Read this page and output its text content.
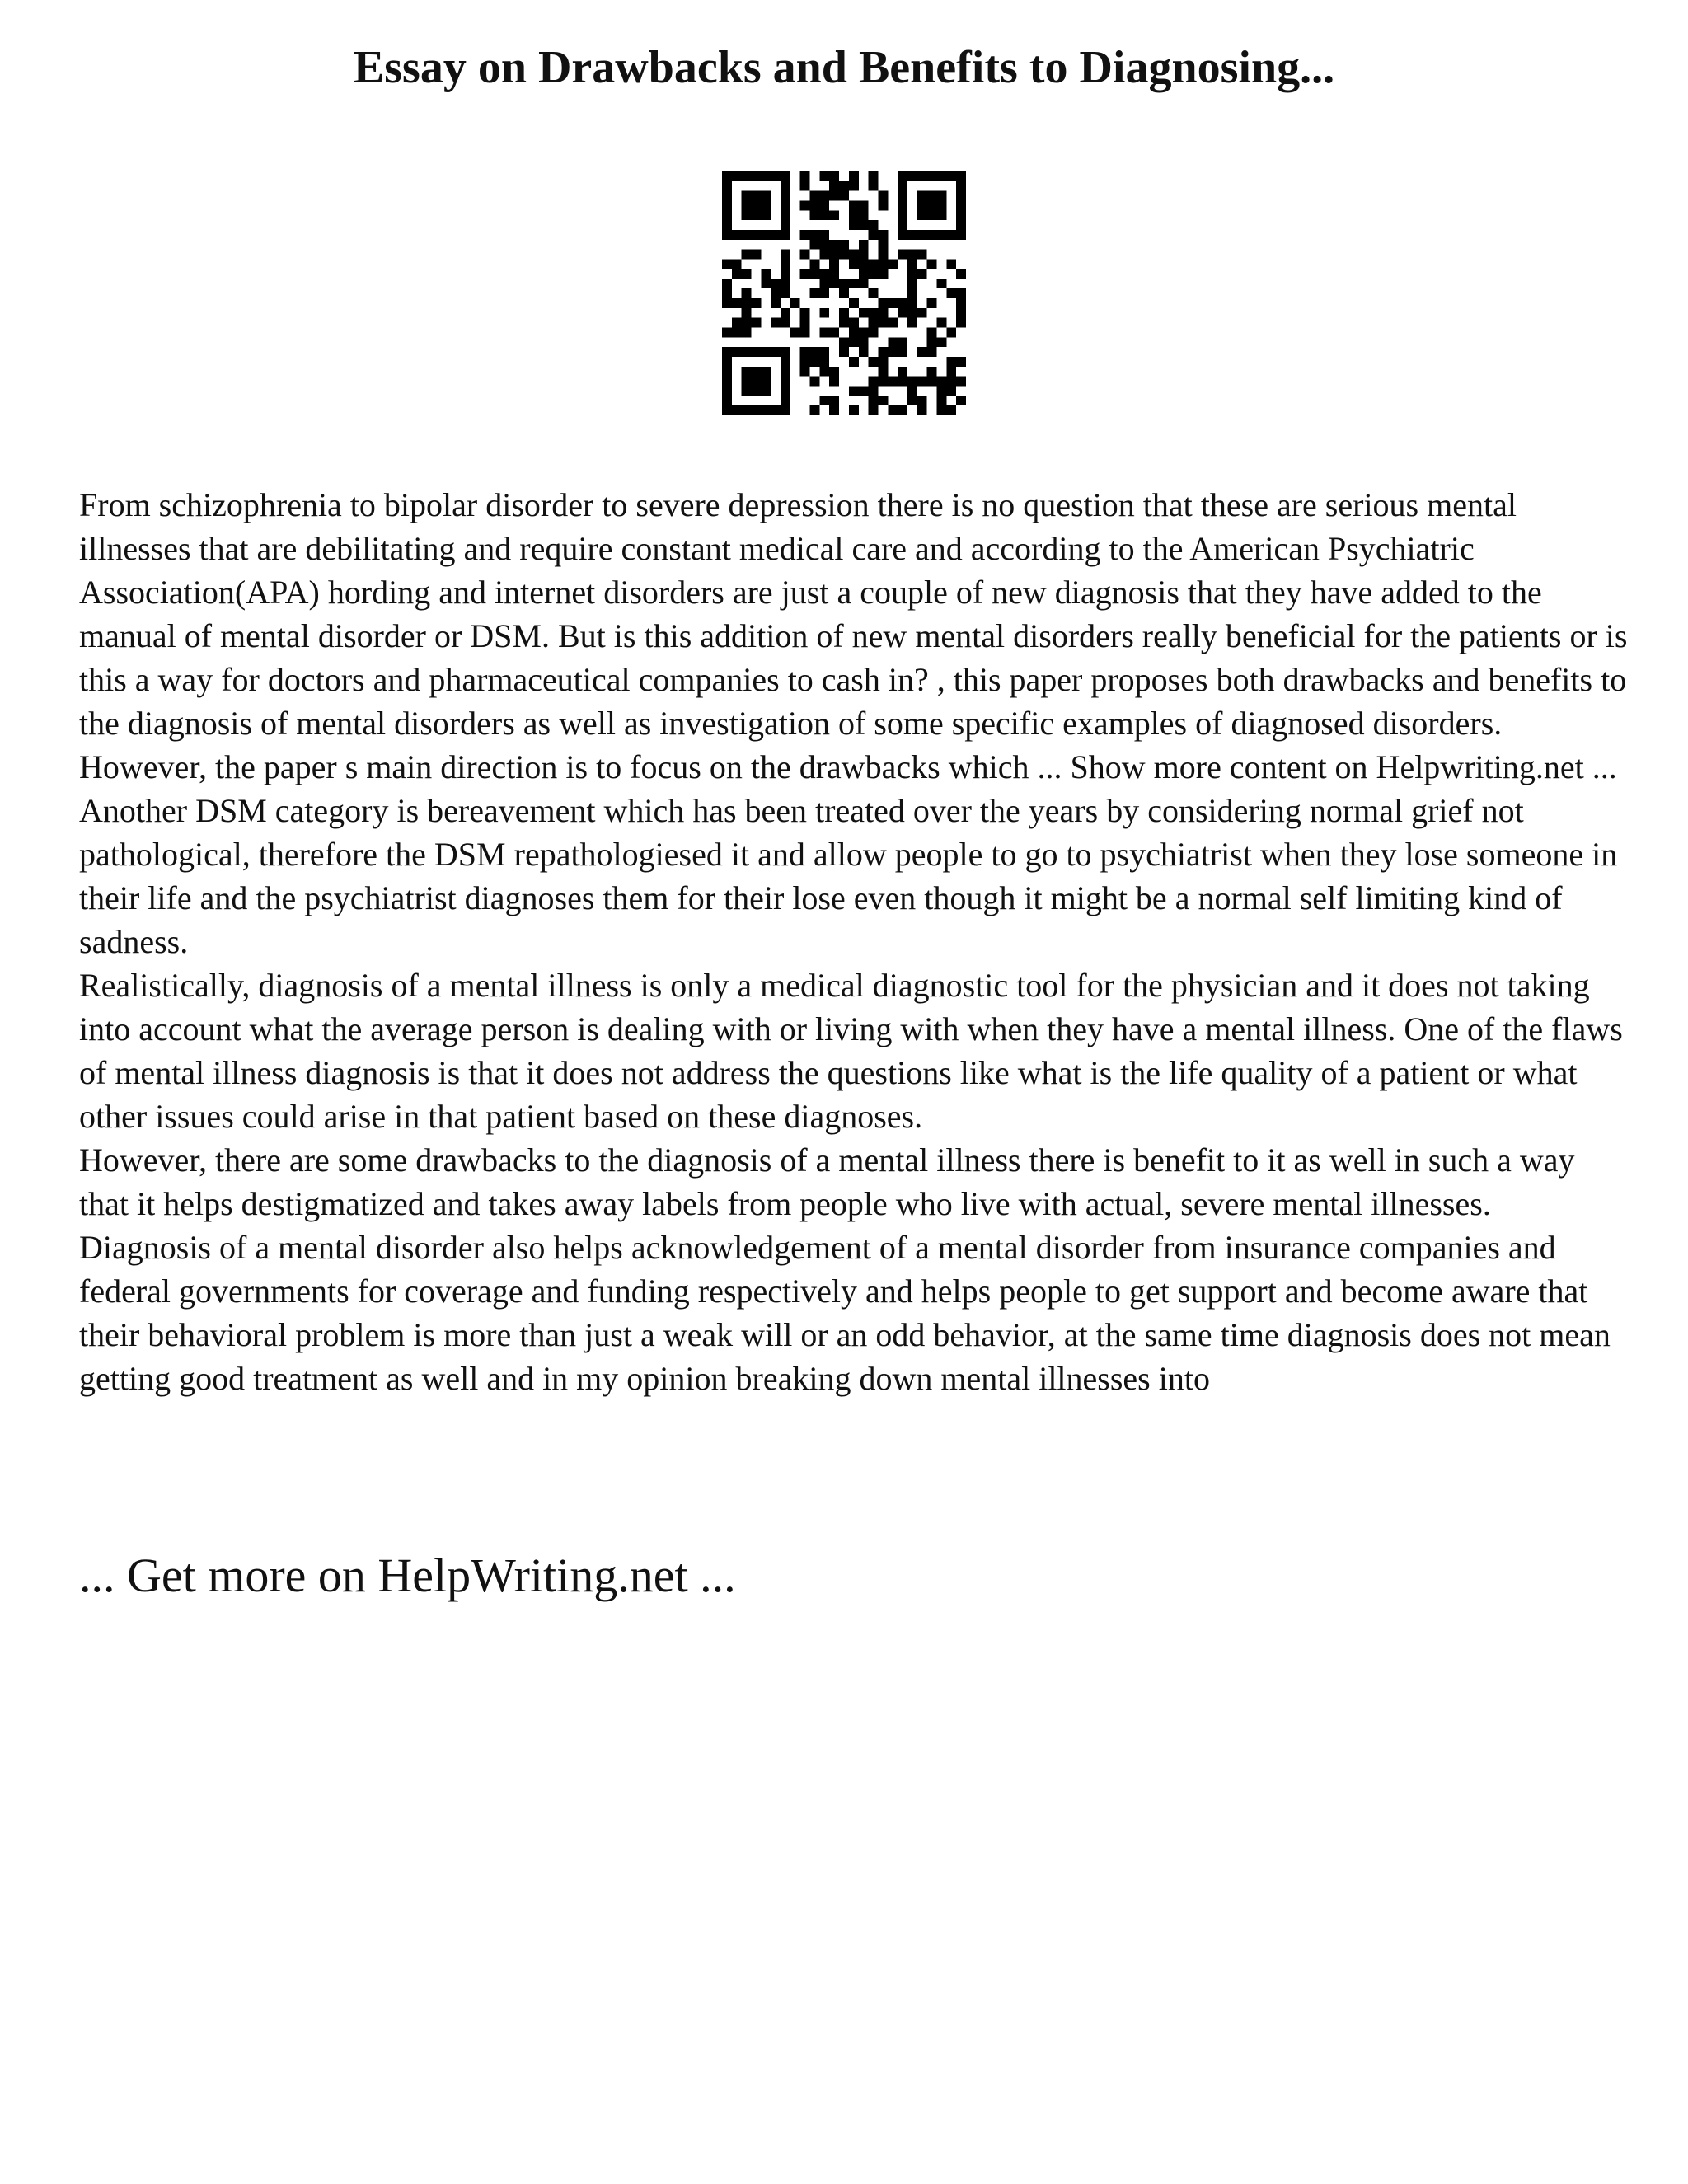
Essay on Drawbacks and Benefits to Diagnosing...

From schizophrenia to bipolar disorder to severe depression there is no question that these are serious mental illnesses that are debilitating and require constant medical care and according to the American Psychiatric Association(APA) hording and internet disorders are just a couple of new diagnosis that they have added to the manual of mental disorder or DSM. But is this addition of new mental disorders really beneficial for the patients or is this a way for doctors and pharmaceutical companies to cash in? , this paper proposes both drawbacks and benefits to the diagnosis of mental disorders as well as investigation of some specific examples of diagnosed disorders. However, the paper s main direction is to focus on the drawbacks which ... Show more content on Helpwriting.net ...

Another DSM category is bereavement which has been treated over the years by considering normal grief not pathological, therefore the DSM repathologiesed it and allow people to go to psychiatrist when they lose someone in their life and the psychiatrist diagnoses them for their lose even though it might be a normal self limiting kind of sadness.

Realistically, diagnosis of a mental illness is only a medical diagnostic tool for the physician and it does not taking into account what the average person is dealing with or living with when they have a mental illness. One of the flaws of mental illness diagnosis is that it does not address the questions like what is the life quality of a patient or what other issues could arise in that patient based on these diagnoses.

However, there are some drawbacks to the diagnosis of a mental illness there is benefit to it as well in such a way that it helps destigmatized and takes away labels from people who live with actual, severe mental illnesses. Diagnosis of a mental disorder also helps acknowledgement of a mental disorder from insurance companies and federal governments for coverage and funding respectively and helps people to get support and become aware that their behavioral problem is more than just a weak will or an odd behavior, at the same time diagnosis does not mean getting good treatment as well and in my opinion breaking down mental illnesses into

... Get more on HelpWriting.net ...
